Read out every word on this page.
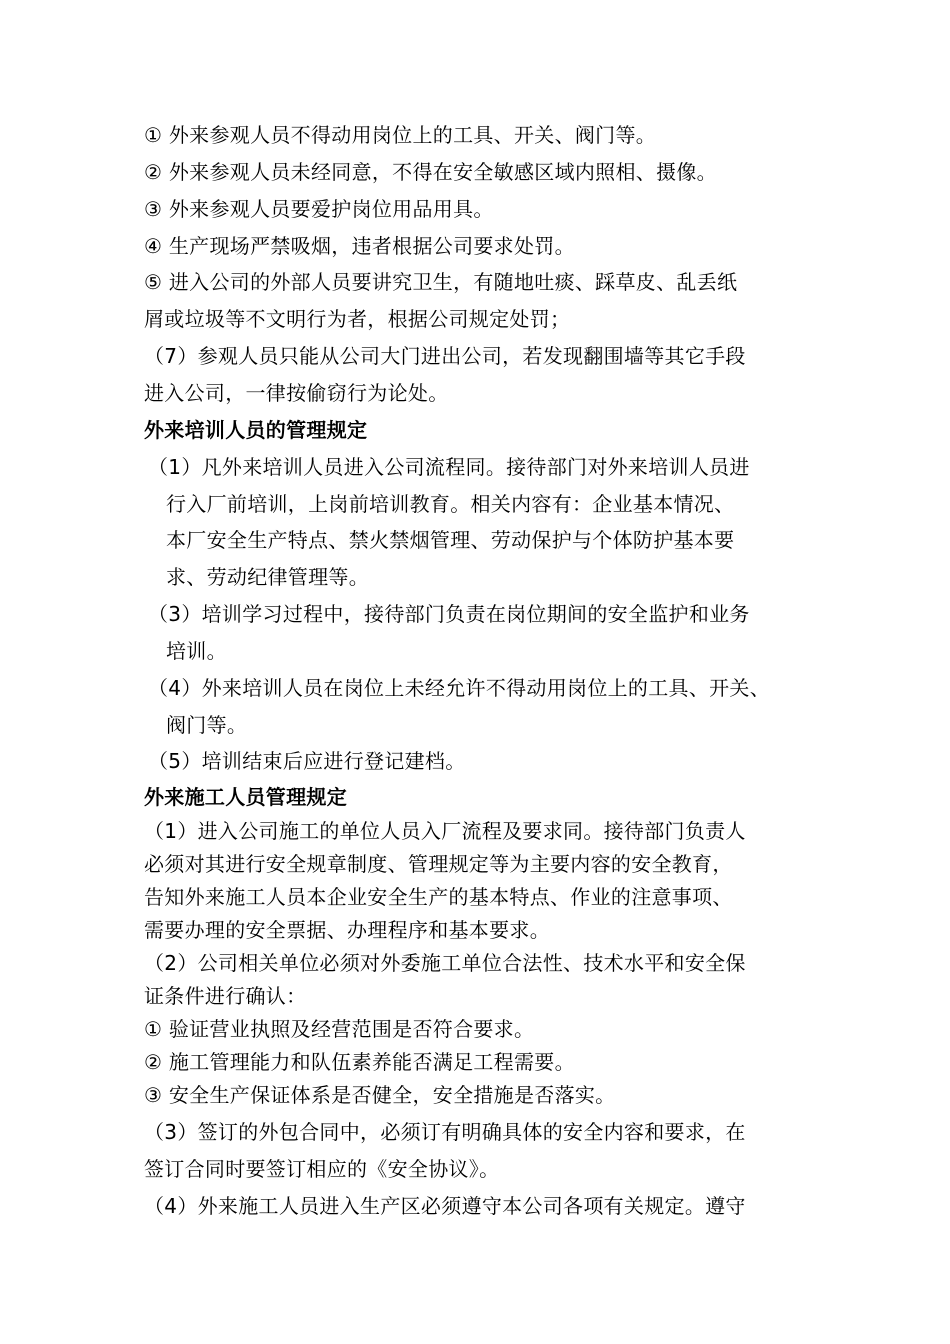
① 外来参观人员不得动用岗位上的工具、开关、阀门等。
② 外来参观人员未经同意，不得在安全敏感区域内照相、摄像。
③ 外来参观人员要爱护岗位用品用具。
④ 生产现场严禁吸烟，违者根据公司要求处罚。
⑤ 进入公司的外部人员要讲究卫生，有随地吐痰、踩草皮、乱丢纸
屑或垃圾等不文明行为者，根据公司规定处罚；
（7）参观人员只能从公司大门进出公司，若发现翻围墙等其它手段
进入公司，一律按偷窃行为论处。
外来培训人员的管理规定
（1）凡外来培训人员进入公司流程同。接待部门对外来培训人员进
行入厂前培训，上岗前培训教育。相关内容有：企业基本情况、
本厂安全生产特点、禁火禁烟管理、劳动保护与个体防护基本要
求、劳动纪律管理等。
（3）培训学习过程中，接待部门负责在岗位期间的安全监护和业务
培训。
（4）外来培训人员在岗位上未经允许不得动用岗位上的工具、开关、
阀门等。
（5）培训结束后应进行登记建档。
外来施工人员管理规定
（1）进入公司施工的单位人员入厂流程及要求同。接待部门负责人
必须对其进行安全规章制度、管理规定等为主要内容的安全教育，
告知外来施工人员本企业安全生产的基本特点、作业的注意事项、
需要办理的安全票据、办理程序和基本要求。
（2）公司相关单位必须对外委施工单位合法性、技术水平和安全保
证条件进行确认：
① 验证营业执照及经营范围是否符合要求。
② 施工管理能力和队伍素养能否满足工程需要。
③ 安全生产保证体系是否健全，安全措施是否落实。
（3）签订的外包合同中，必须订有明确具体的安全内容和要求，在
签订合同时要签订相应的《安全协议》。
（4）外来施工人员进入生产区必须遵守本公司各项有关规定。遵守
